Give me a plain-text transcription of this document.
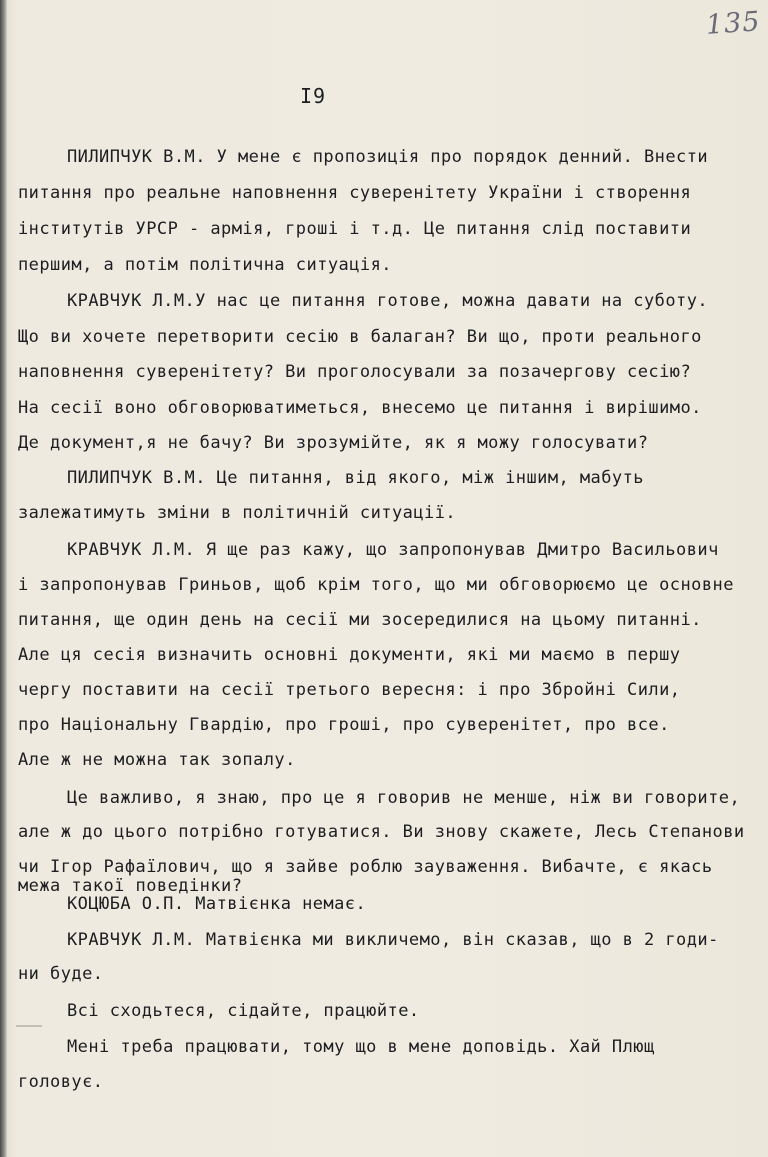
135
I9
ПИЛИПЧУК В.М. У мене є пропозиція про порядок денний. Внести
питання про реальне наповнення суверенітету України і створення
інститутів УРСР - армія, гроші і т.д. Це питання слід поставити
першим, а потім політична ситуація.
КРАВЧУК Л.М.У нас це питання готове, можна давати на суботу.
Що ви хочете перетворити сесію в балаган? Ви що, проти реального
наповнення суверенітету? Ви проголосували за позачергову сесію?
На сесії воно обговорюватиметься, внесемо це питання і вирішимо.
Де документ,я не бачу? Ви зрозумійте, як я можу голосувати?
ПИЛИПЧУК В.М. Це питання, від якого, між іншим, мабуть
залежатимуть зміни в політичній ситуації.
КРАВЧУК Л.М. Я ще раз кажу, що запропонував Дмитро Васильович
і запропонував Гриньов, щоб крім того, що ми обговорюємо це основне
питання, ще один день на сесії ми зосередилися на цьому питанні.
Але ця сесія визначить основні документи, які ми маємо в першу
чергу поставити на сесії третього вересня: і про Збройні Сили,
про Національну Гвардію, про гроші, про суверенітет, про все.
Але ж не можна так зопалу.
Це важливо, я знаю, про це я говорив не менше, ніж ви говорите,
але ж до цього потрібно готуватися. Ви знову скажете, Лесь Степанови
чи Ігор Рафаїлович, що я зайве роблю зауваження. Вибачте, є якась
межа такої поведінки?
КОЦЮБА О.П. Матвієнка немає.
КРАВЧУК Л.М. Матвієнка ми викличемо, він сказав, що в 2 годи-
ни буде.
Всі сходьтеся, сідайте, працюйте.
Мені треба працювати, тому що в мене доповідь. Хай Плющ
головує.
